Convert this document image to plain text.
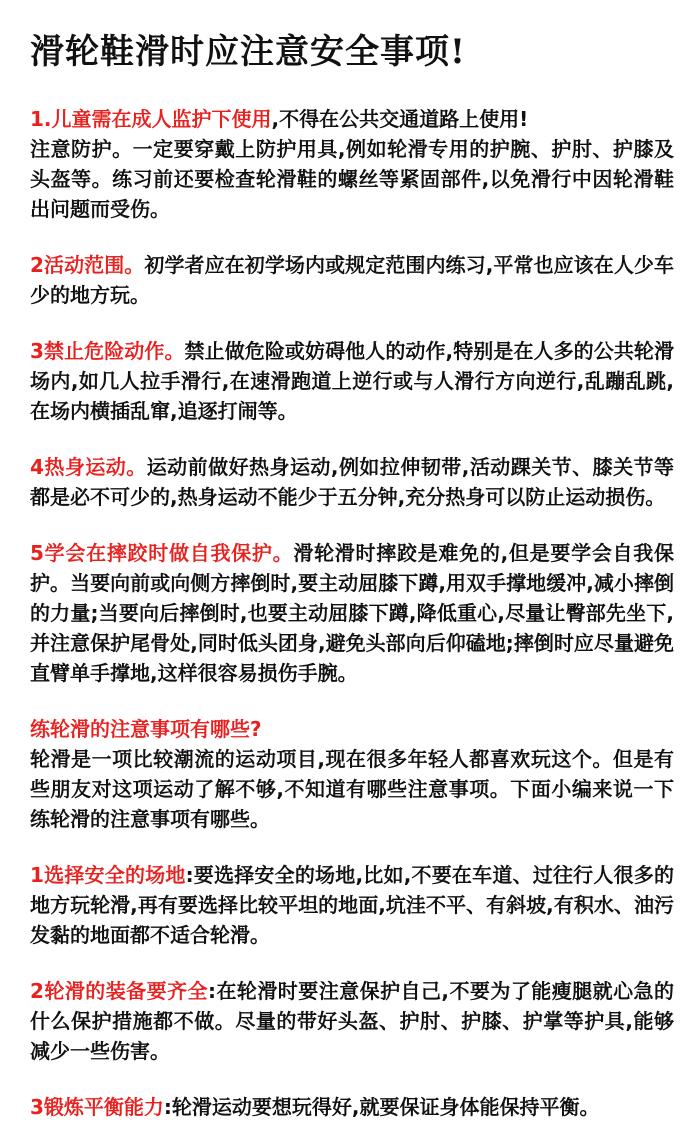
滑轮鞋滑时应注意安全事项!

1.儿童需在成人监护下使用,不得在公共交通道路上使用!
注意防护。一定要穿戴上防护用具,例如轮滑专用的护腕、护肘、护膝及头盔等。练习前还要检查轮滑鞋的螺丝等紧固部件,以免滑行中因轮滑鞋出问题而受伤。

2活动范围。初学者应在初学场内或规定范围内练习,平常也应该在人少车少的地方玩。

3禁止危险动作。禁止做危险或妨碍他人的动作,特别是在人多的公共轮滑场内,如几人拉手滑行,在速滑跑道上逆行或与人滑行方向逆行,乱蹦乱跳,在场内横插乱窜,追逐打闹等。

4热身运动。运动前做好热身运动,例如拉伸韧带,活动踝关节、膝关节等都是必不可少的,热身运动不能少于五分钟,充分热身可以防止运动损伤。

5学会在摔跤时做自我保护。滑轮滑时摔跤是难免的,但是要学会自我保护。当要向前或向侧方摔倒时,要主动屈膝下蹲,用双手撑地缓冲,减小摔倒的力量;当要向后摔倒时,也要主动屈膝下蹲,降低重心,尽量让臀部先坐下,并注意保护尾骨处,同时低头团身,避免头部向后仰磕地;摔倒时应尽量避免直臂单手撑地,这样很容易损伤手腕。

练轮滑的注意事项有哪些?

轮滑是一项比较潮流的运动项目,现在很多年轻人都喜欢玩这个。但是有些朋友对这项运动了解不够,不知道有哪些注意事项。下面小编来说一下练轮滑的注意事项有哪些。

1选择安全的场地:要选择安全的场地,比如,不要在车道、过往行人很多的地方玩轮滑,再有要选择比较平坦的地面,坑洼不平、有斜坡,有积水、油污发黏的地面都不适合轮滑。

2轮滑的装备要齐全:在轮滑时要注意保护自己,不要为了能瘦腿就心急的什么保护措施都不做。尽量的带好头盔、护肘、护膝、护掌等护具,能够减少一些伤害。

3锻炼平衡能力:轮滑运动要想玩得好,就要保证身体能保持平衡。
